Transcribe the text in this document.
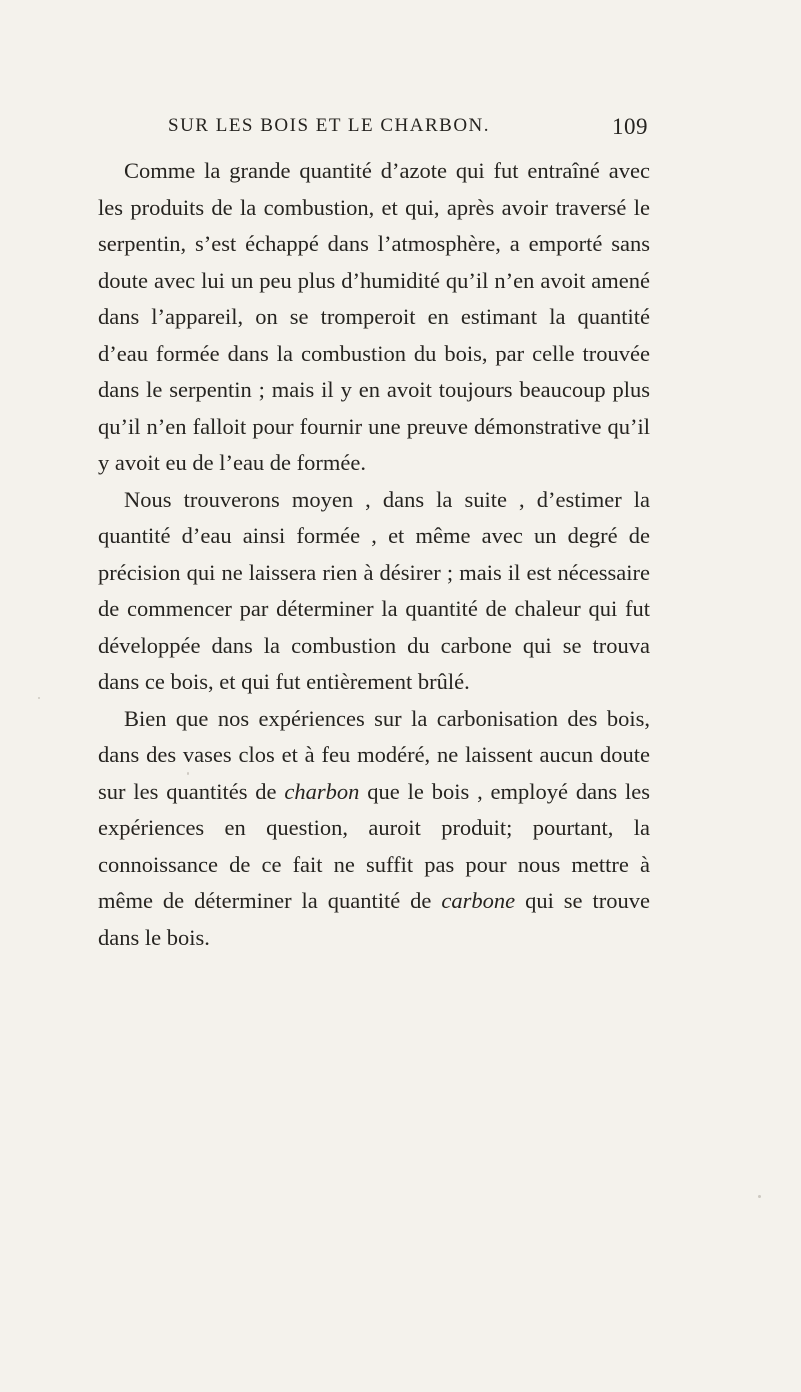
SUR LES BOIS ET LE CHARBON.	109

Comme la grande quantité d’azote qui fut entraîné avec les produits de la combustion, et qui, après avoir traversé le serpentin, s’est échappé dans l’atmosphère, a emporté sans doute avec lui un peu plus d’humidité qu’il n’en avoit amené dans l’appareil, on se tromperoit en estimant la quantité d’eau formée dans la combustion du bois, par celle trouvée dans le serpentin ; mais il y en avoit toujours beaucoup plus qu’il n’en falloit pour fournir une preuve démonstrative qu’il y avoit eu de l’eau de formée.

Nous trouverons moyen , dans la suite , d’estimer la quantité d’eau ainsi formée , et même avec un degré de précision qui ne laissera rien à désirer ; mais il est nécessaire de commencer par déterminer la quantité de chaleur qui fut développée dans la combustion du carbone qui se trouva dans ce bois, et qui fut entièrement brûlé.

Bien que nos expériences sur la carbonisation des bois, dans des vases clos et à feu modéré, ne laissent aucun doute sur les quantités de charbon que le bois , employé dans les expériences en question, auroit produit; pourtant, la connoissance de ce fait ne suffit pas pour nous mettre à même de déterminer la quantité de carbone qui se trouve dans le bois.
